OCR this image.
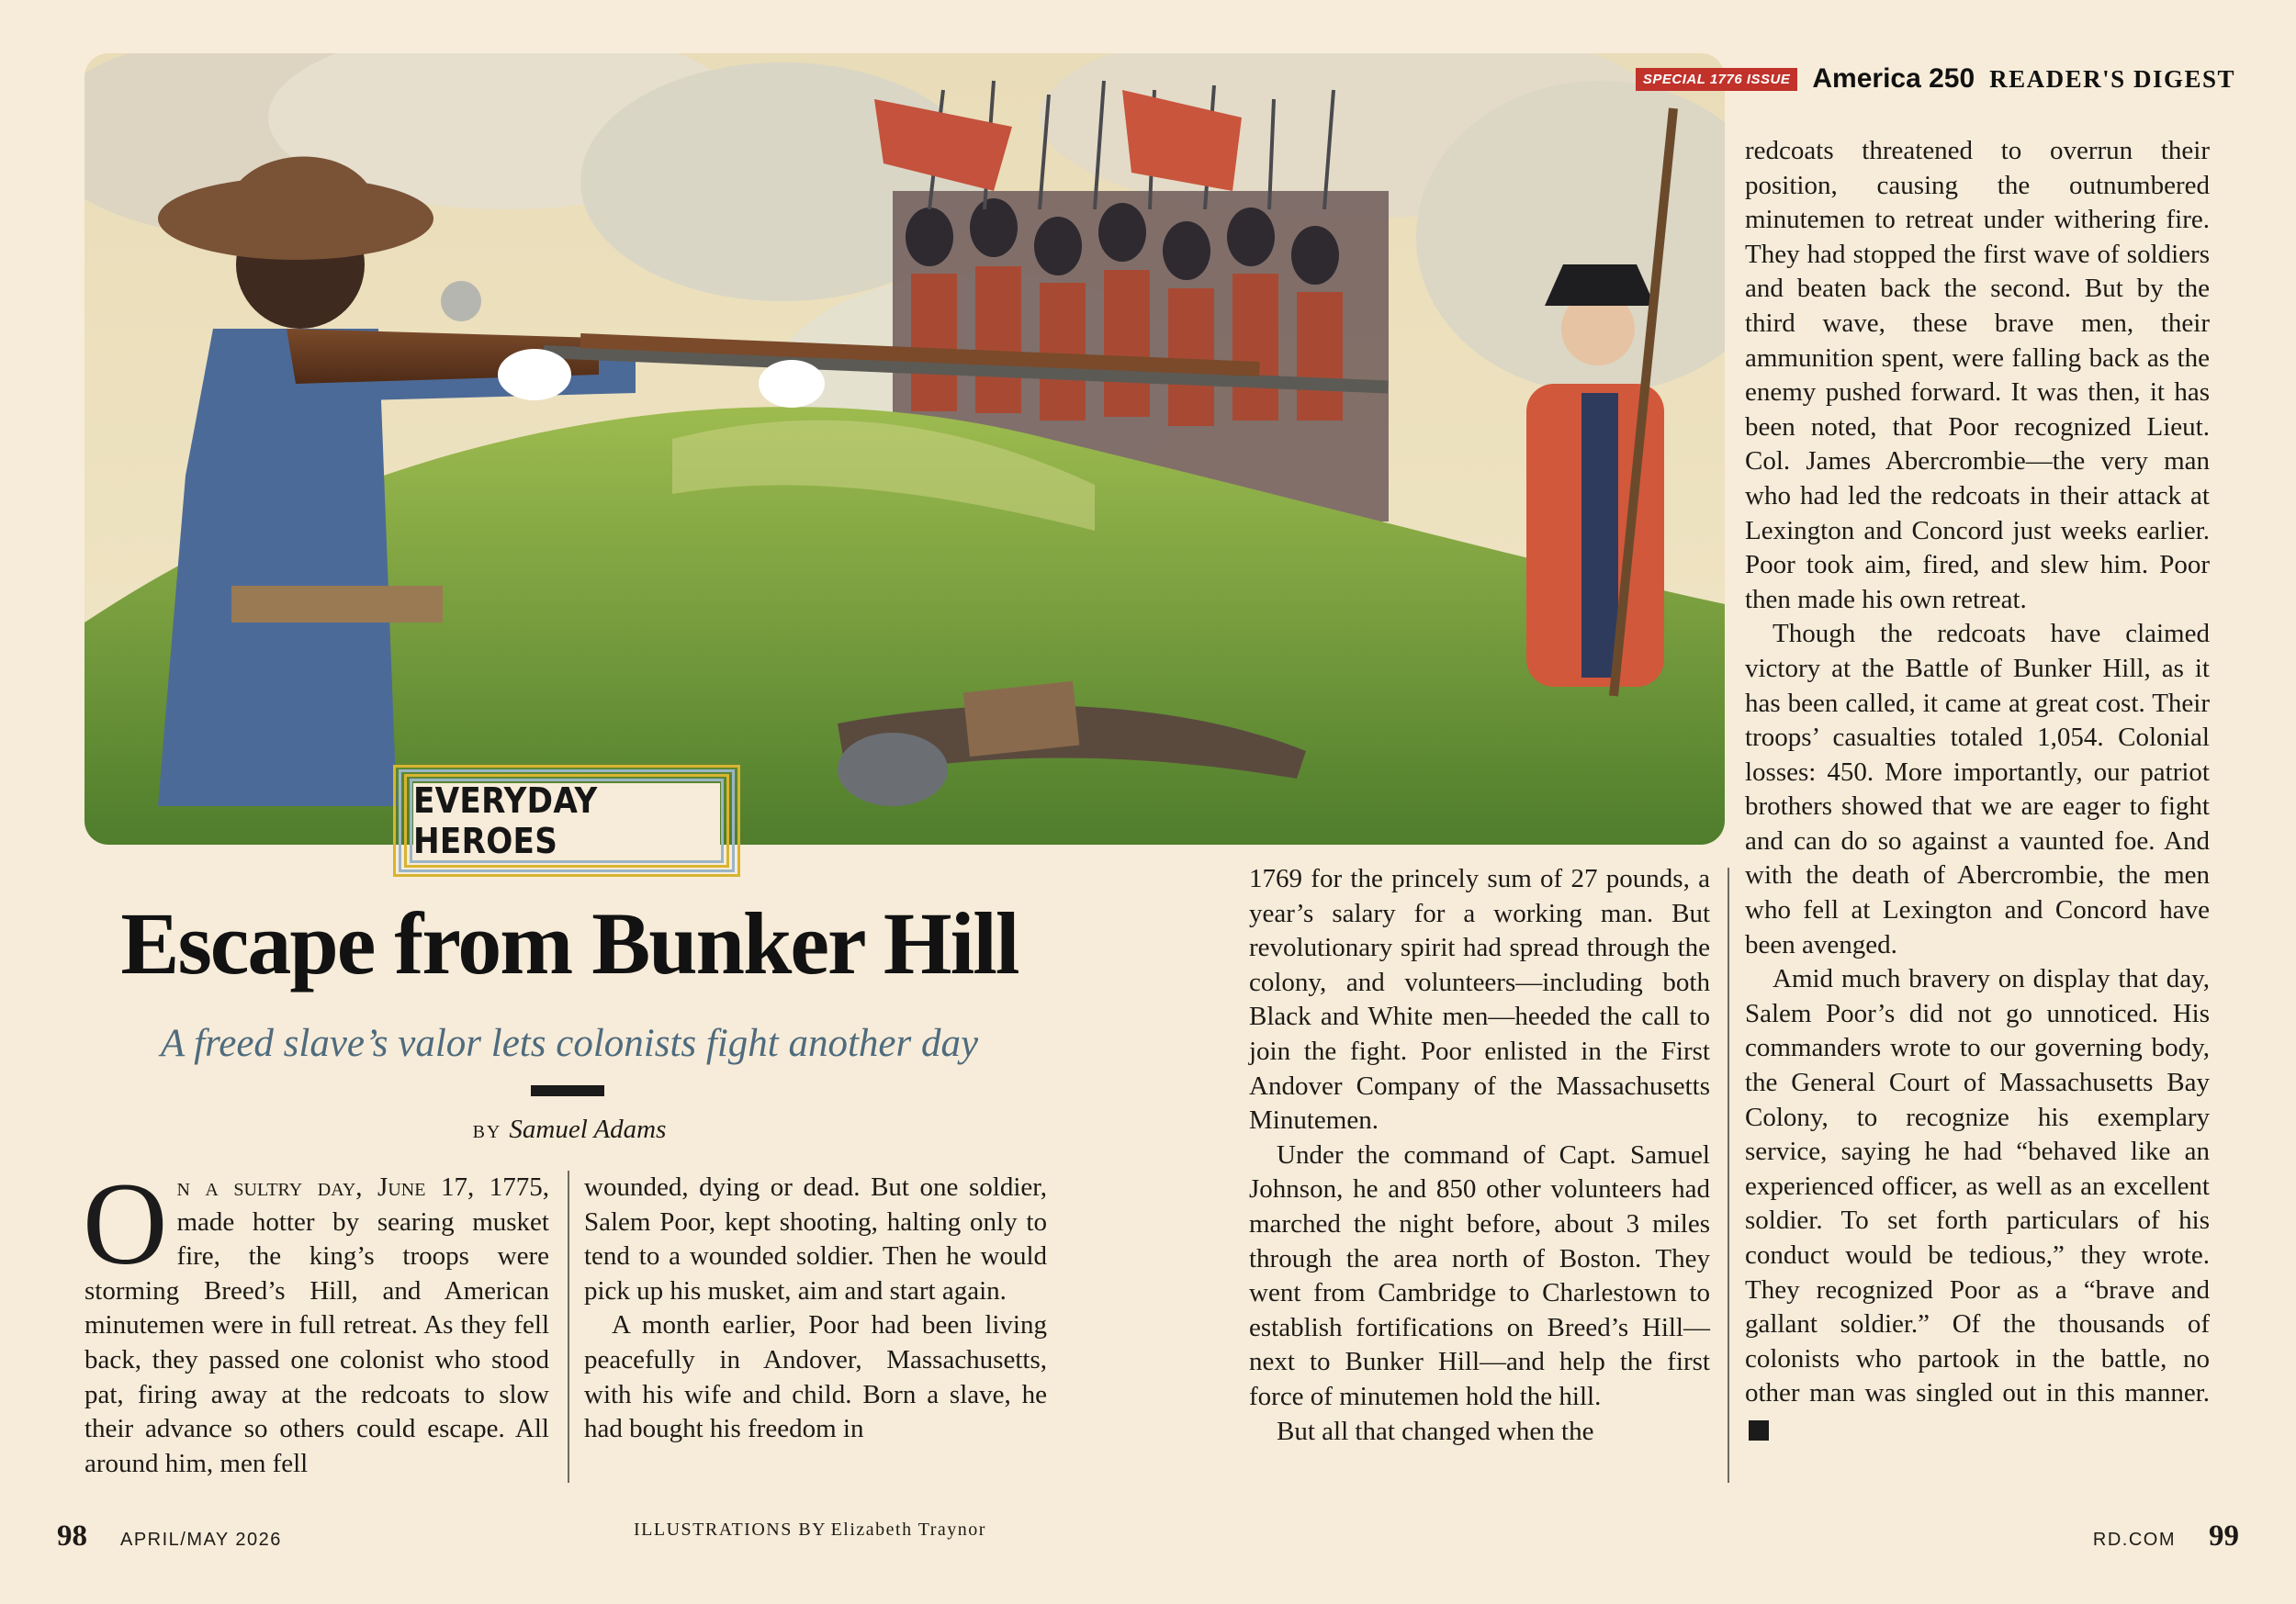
SPECIAL 1776 ISSUE America 250 READER'S DIGEST
EVERYDAY HEROES
Escape from Bunker Hill

A freed slave’s valor lets colonists fight another day

BY Samuel Adams

On a sultry day, June 17, 1775, made hotter by searing musket fire, the king’s troops were storming Breed’s Hill, and American minutemen were in full retreat. As they fell back, they passed one colonist who stood pat, firing away at the redcoats to slow their advance so others could escape. All around him, men fell

wounded, dying or dead. But one soldier, Salem Poor, kept shooting, halting only to tend to a wounded soldier. Then he would pick up his musket, aim and start again.

A month earlier, Poor had been living peacefully in Andover, Massachusetts, with his wife and child. Born a slave, he had bought his freedom in

1769 for the princely sum of 27 pounds, a year’s salary for a working man. But revolutionary spirit had spread through the colony, and volunteers—including both Black and White men—heeded the call to join the fight. Poor enlisted in the First Andover Company of the Massachusetts Minutemen.

Under the command of Capt. Samuel Johnson, he and 850 other volunteers had marched the night before, about 3 miles through the area north of Boston. They went from Cambridge to Charlestown to establish fortifications on Breed’s Hill—next to Bunker Hill—and help the first force of minutemen hold the hill.

But all that changed when the

redcoats threatened to overrun their position, causing the outnumbered minutemen to retreat under withering fire. They had stopped the first wave of soldiers and beaten back the second. But by the third wave, these brave men, their ammunition spent, were falling back as the enemy pushed forward. It was then, it has been noted, that Poor recognized Lieut. Col. James Abercrombie—the very man who had led the redcoats in their attack at Lexington and Concord just weeks earlier. Poor took aim, fired, and slew him. Poor then made his own retreat.

Though the redcoats have claimed victory at the Battle of Bunker Hill, as it has been called, it came at great cost. Their troops’ casualties totaled 1,054. Colonial losses: 450. More importantly, our patriot brothers showed that we are eager to fight and can do so against a vaunted foe. And with the death of Abercrombie, the men who fell at Lexington and Concord have been avenged.

Amid much bravery on display that day, Salem Poor’s did not go unnoticed. His commanders wrote to our governing body, the General Court of Massachusetts Bay Colony, to recognize his exemplary service, saying he had “behaved like an experienced officer, as well as an excellent soldier. To set forth particulars of his conduct would be tedious,” they wrote. They recognized Poor as a “brave and gallant soldier.” Of the thousands of colonists who partook in the battle, no other man was singled out in this manner.R

98 APRIL/MAY 2026	ILLUSTRATIONS BY
Elizabeth Traynor	RD.COM 99
